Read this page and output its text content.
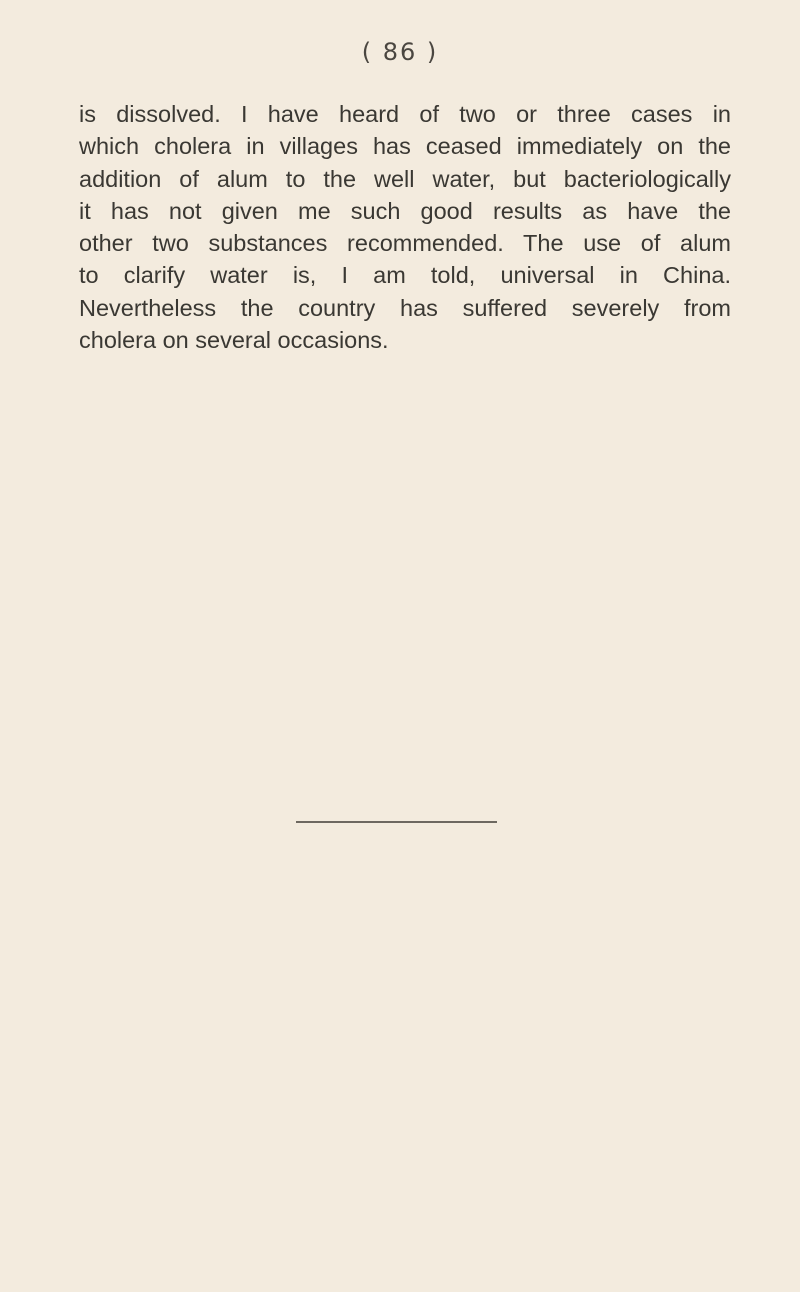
( 86 )
is dissolved. I have heard of two or three cases in
which cholera in villages has ceased immediately on the
addition of alum to the well water, but bacteriologically
it has not given me such good results as have the
other two substances recommended. The use of alum
to clarify water is, I am told, universal in China.
Nevertheless the country has suffered severely from
cholera on several occasions.
